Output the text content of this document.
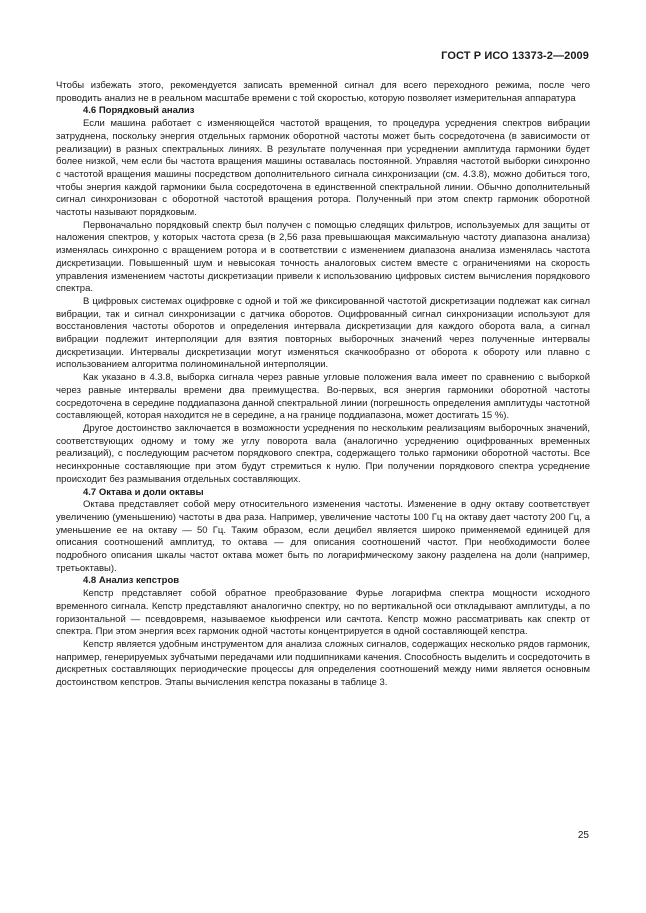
ГОСТ Р ИСО 13373-2—2009

Чтобы избежать этого, рекомендуется записать временной сигнал для всего переходного режима, после чего проводить анализ не в реальном масштабе времени с той скоростью, которую позволяет измерительная аппаратура

4.6 Порядковый анализ

Если машина работает с изменяющейся частотой вращения, то процедура усреднения спектров вибрации затруднена, поскольку энергия отдельных гармоник оборотной частоты может быть сосредоточена (в зависимости от реализации) в разных спектральных линиях. В результате полученная при усреднении амплитуда гармоники будет более низкой, чем если бы частота вращения машины оставалась постоянной. Управляя частотой выборки синхронно с частотой вращения машины посредством дополнительного сигнала синхронизации (см. 4.3.8), можно добиться того, чтобы энергия каждой гармоники была сосредоточена в единственной спектральной линии. Обычно дополнительный сигнал синхронизован с оборотной частотой вращения ротора. Полученный при этом спектр гармоник оборотной частоты называют порядковым.

Первоначально порядковый спектр был получен с помощью следящих фильтров, используемых для защиты от наложения спектров, у которых частота среза (в 2,56 раза превышающая максимальную частоту диапазона анализа) изменялась синхронно с вращением ротора и в соответствии с изменением диапазона анализа изменялась частота дискретизации. Повышенный шум и невысокая точность аналоговых систем вместе с ограничениями на скорость управления изменением частоты дискретизации привели к использованию цифровых систем вычисления порядкового спектра.

В цифровых системах оцифровке с одной и той же фиксированной частотой дискретизации подлежат как сигнал вибрации, так и сигнал синхронизации с датчика оборотов. Оцифрованный сигнал синхронизации используют для восстановления частоты оборотов и определения интервала дискретизации для каждого оборота вала, а сигнал вибрации подлежит интерполяции для взятия повторных выборочных значений через полученные интервалы дискретизации. Интервалы дискретизации могут изменяться скачкообразно от оборота к обороту или плавно с использованием алгоритма полиноминальной интерполяции.

Как указано в 4.3.8, выборка сигнала через равные угловые положения вала имеет по сравнению с выборкой через равные интервалы времени два преимущества. Во-первых, вся энергия гармоники оборотной частоты сосредоточена в середине поддиапазона данной спектральной линии (погрешность определения амплитуды частотной составляющей, которая находится не в середине, а на границе поддиапазона, может достигать 15 %).

Другое достоинство заключается в возможности усреднения по нескольким реализациям выборочных значений, соответствующих одному и тому же углу поворота вала (аналогично усреднению оцифрованных временных реализаций), с последующим расчетом порядкового спектра, содержащего только гармоники оборотной частоты. Все несинхронные составляющие при этом будут стремиться к нулю. При получении порядкового спектра усреднение происходит без размывания отдельных составляющих.

4.7 Октава и доли октавы

Октава представляет собой меру относительного изменения частоты. Изменение в одну октаву соответствует увеличению (уменьшению) частоты в два раза. Например, увеличение частоты 100 Гц на октаву дает частоту 200 Гц, а уменьшение ее на октаву — 50 Гц. Таким образом, если децибел является широко применяемой единицей для описания соотношений амплитуд, то октава — для описания соотношений частот. При необходимости более подробного описания шкалы частот октава может быть по логарифмическому закону разделена на доли (например, третьоктавы).

4.8 Анализ кепстров

Кепстр представляет собой обратное преобразование Фурье логарифма спектра мощности исходного временного сигнала. Кепстр представляют аналогично спектру, но по вертикальной оси откладывают амплитуды, а по горизонтальной — псевдовремя, называемое кьюфренси или сачтота. Кепстр можно рассматривать как спектр от спектра. При этом энергия всех гармоник одной частоты концентрируется в одной составляющей кепстра.

Кепстр является удобным инструментом для анализа сложных сигналов, содержащих несколько рядов гармоник, например, генерируемых зубчатыми передачами или подшипниками качения. Способность выделить и сосредоточить в дискретных составляющих периодические процессы для определения соотношений между ними является основным достоинством кепстров. Этапы вычисления кепстра показаны в таблице 3.

25
